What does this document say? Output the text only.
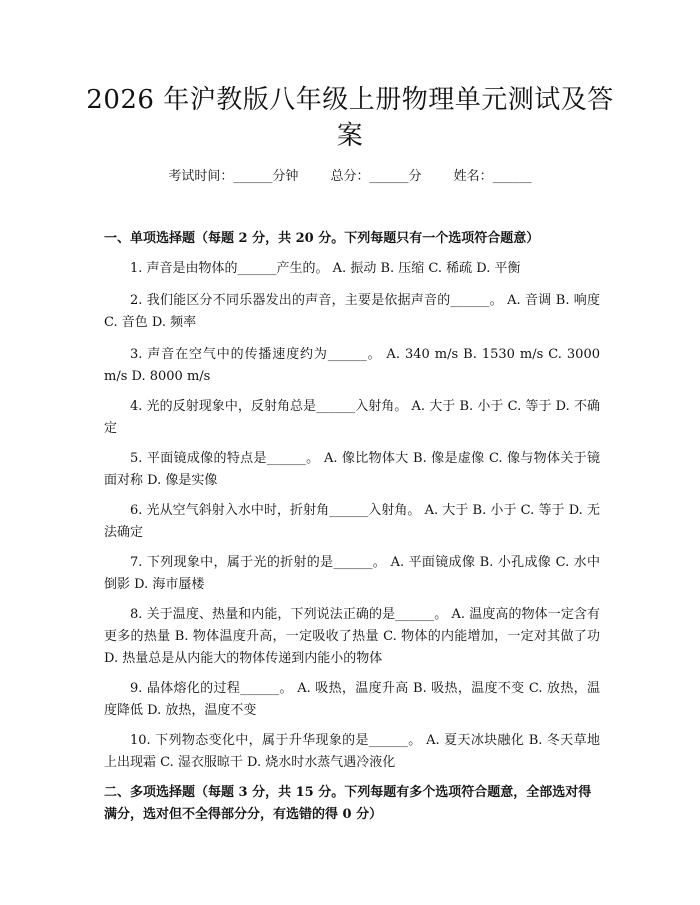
2026 年沪教版八年级上册物理单元测试及答案
考试时间：______分钟 总分：______分 姓名：______
一、单项选择题（每题 2 分，共 20 分。下列每题只有一个选项符合题意）
1. 声音是由物体的______产生的。 A. 振动 B. 压缩 C. 稀疏 D. 平衡
2. 我们能区分不同乐器发出的声音，主要是依据声音的______。 A. 音调 B. 响度 C. 音色 D. 频率
3. 声音在空气中的传播速度约为______。 A. 340 m/s B. 1530 m/s C. 3000 m/s D. 8000 m/s
4. 光的反射现象中，反射角总是______入射角。 A. 大于 B. 小于 C. 等于 D. 不确定
5. 平面镜成像的特点是______。 A. 像比物体大 B. 像是虚像 C. 像与物体关于镜面对称 D. 像是实像
6. 光从空气斜射入水中时，折射角______入射角。 A. 大于 B. 小于 C. 等于 D. 无法确定
7. 下列现象中，属于光的折射的是______。 A. 平面镜成像 B. 小孔成像 C. 水中倒影 D. 海市蜃楼
8. 关于温度、热量和内能，下列说法正确的是______。 A. 温度高的物体一定含有更多的热量 B. 物体温度升高，一定吸收了热量 C. 物体的内能增加，一定对其做了功 D. 热量总是从内能大的物体传递到内能小的物体
9. 晶体熔化的过程______。 A. 吸热，温度升高 B. 吸热，温度不变 C. 放热，温度降低 D. 放热，温度不变
10. 下列物态变化中，属于升华现象的是______。 A. 夏天冰块融化 B. 冬天草地上出现霜 C. 湿衣服晾干 D. 烧水时水蒸气遇冷液化
二、多项选择题（每题 3 分，共 15 分。下列每题有多个选项符合题意，全部选对得满分，选对但不全得部分分，有选错的得 0 分）
